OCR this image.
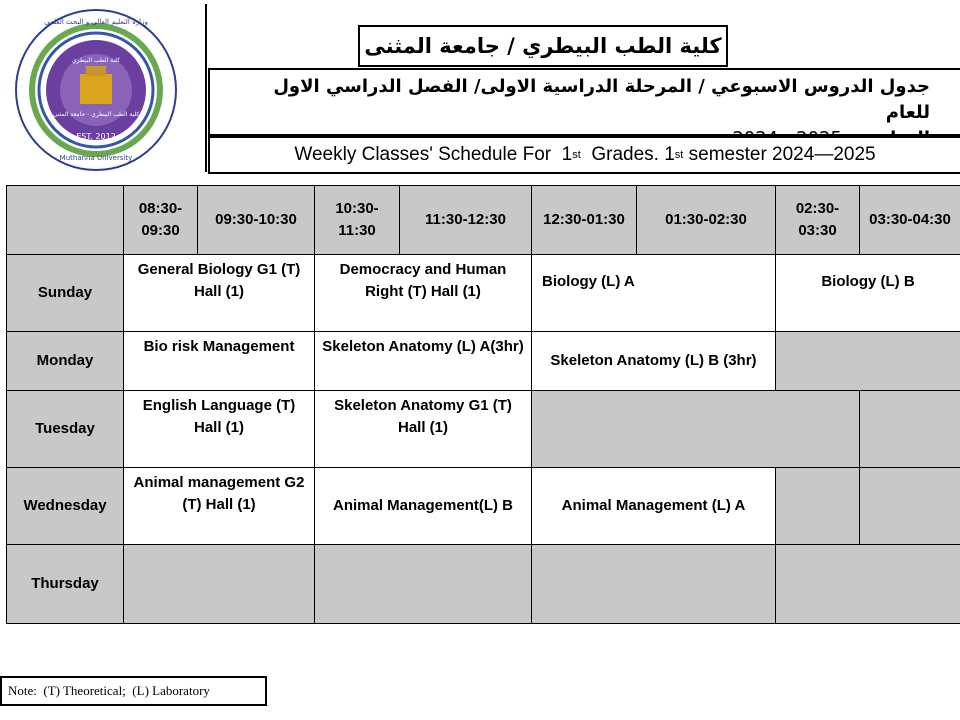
EST. 2012
Muthanna University
وزارة التعليم العالي و البحث العلمي
كلية الطب البيطري - جامعة المثنى
كلية الطب البيطري
كلية الطب البيطري / جامعة المثنى
جدول الدروس الاسبوعي / المرحلة الدراسية الاولى/ الفصل الدراسي الاول للعام
Weekly Classes' Schedule For  1 st Grades. 1 st semester 2024—2025
	08:30-09:30	09:30-10:30	10:30-11:30	11:30-12:30	12:30-01:30	01:30-02:30	02:30-03:30	03:30-04:30
Sunday	General Biology G1 (T) Hall (1)		Democracy and Human Right (T) Hall (1)		Biology (L) A		Biology (L) B	
Monday	Bio risk Management		Skeleton Anatomy (L) A(3hr)		Skeleton Anatomy (L) B (3hr)			
Tuesday	English Language (T) Hall (1)		Skeleton Anatomy G1 (T) Hall (1)					
Wednesday	Animal management G2 (T) Hall (1)		Animal Management(L) B		Animal Management (L) A			
Thursday								
Note:  (T) Theoretical;  (L) Laboratory
